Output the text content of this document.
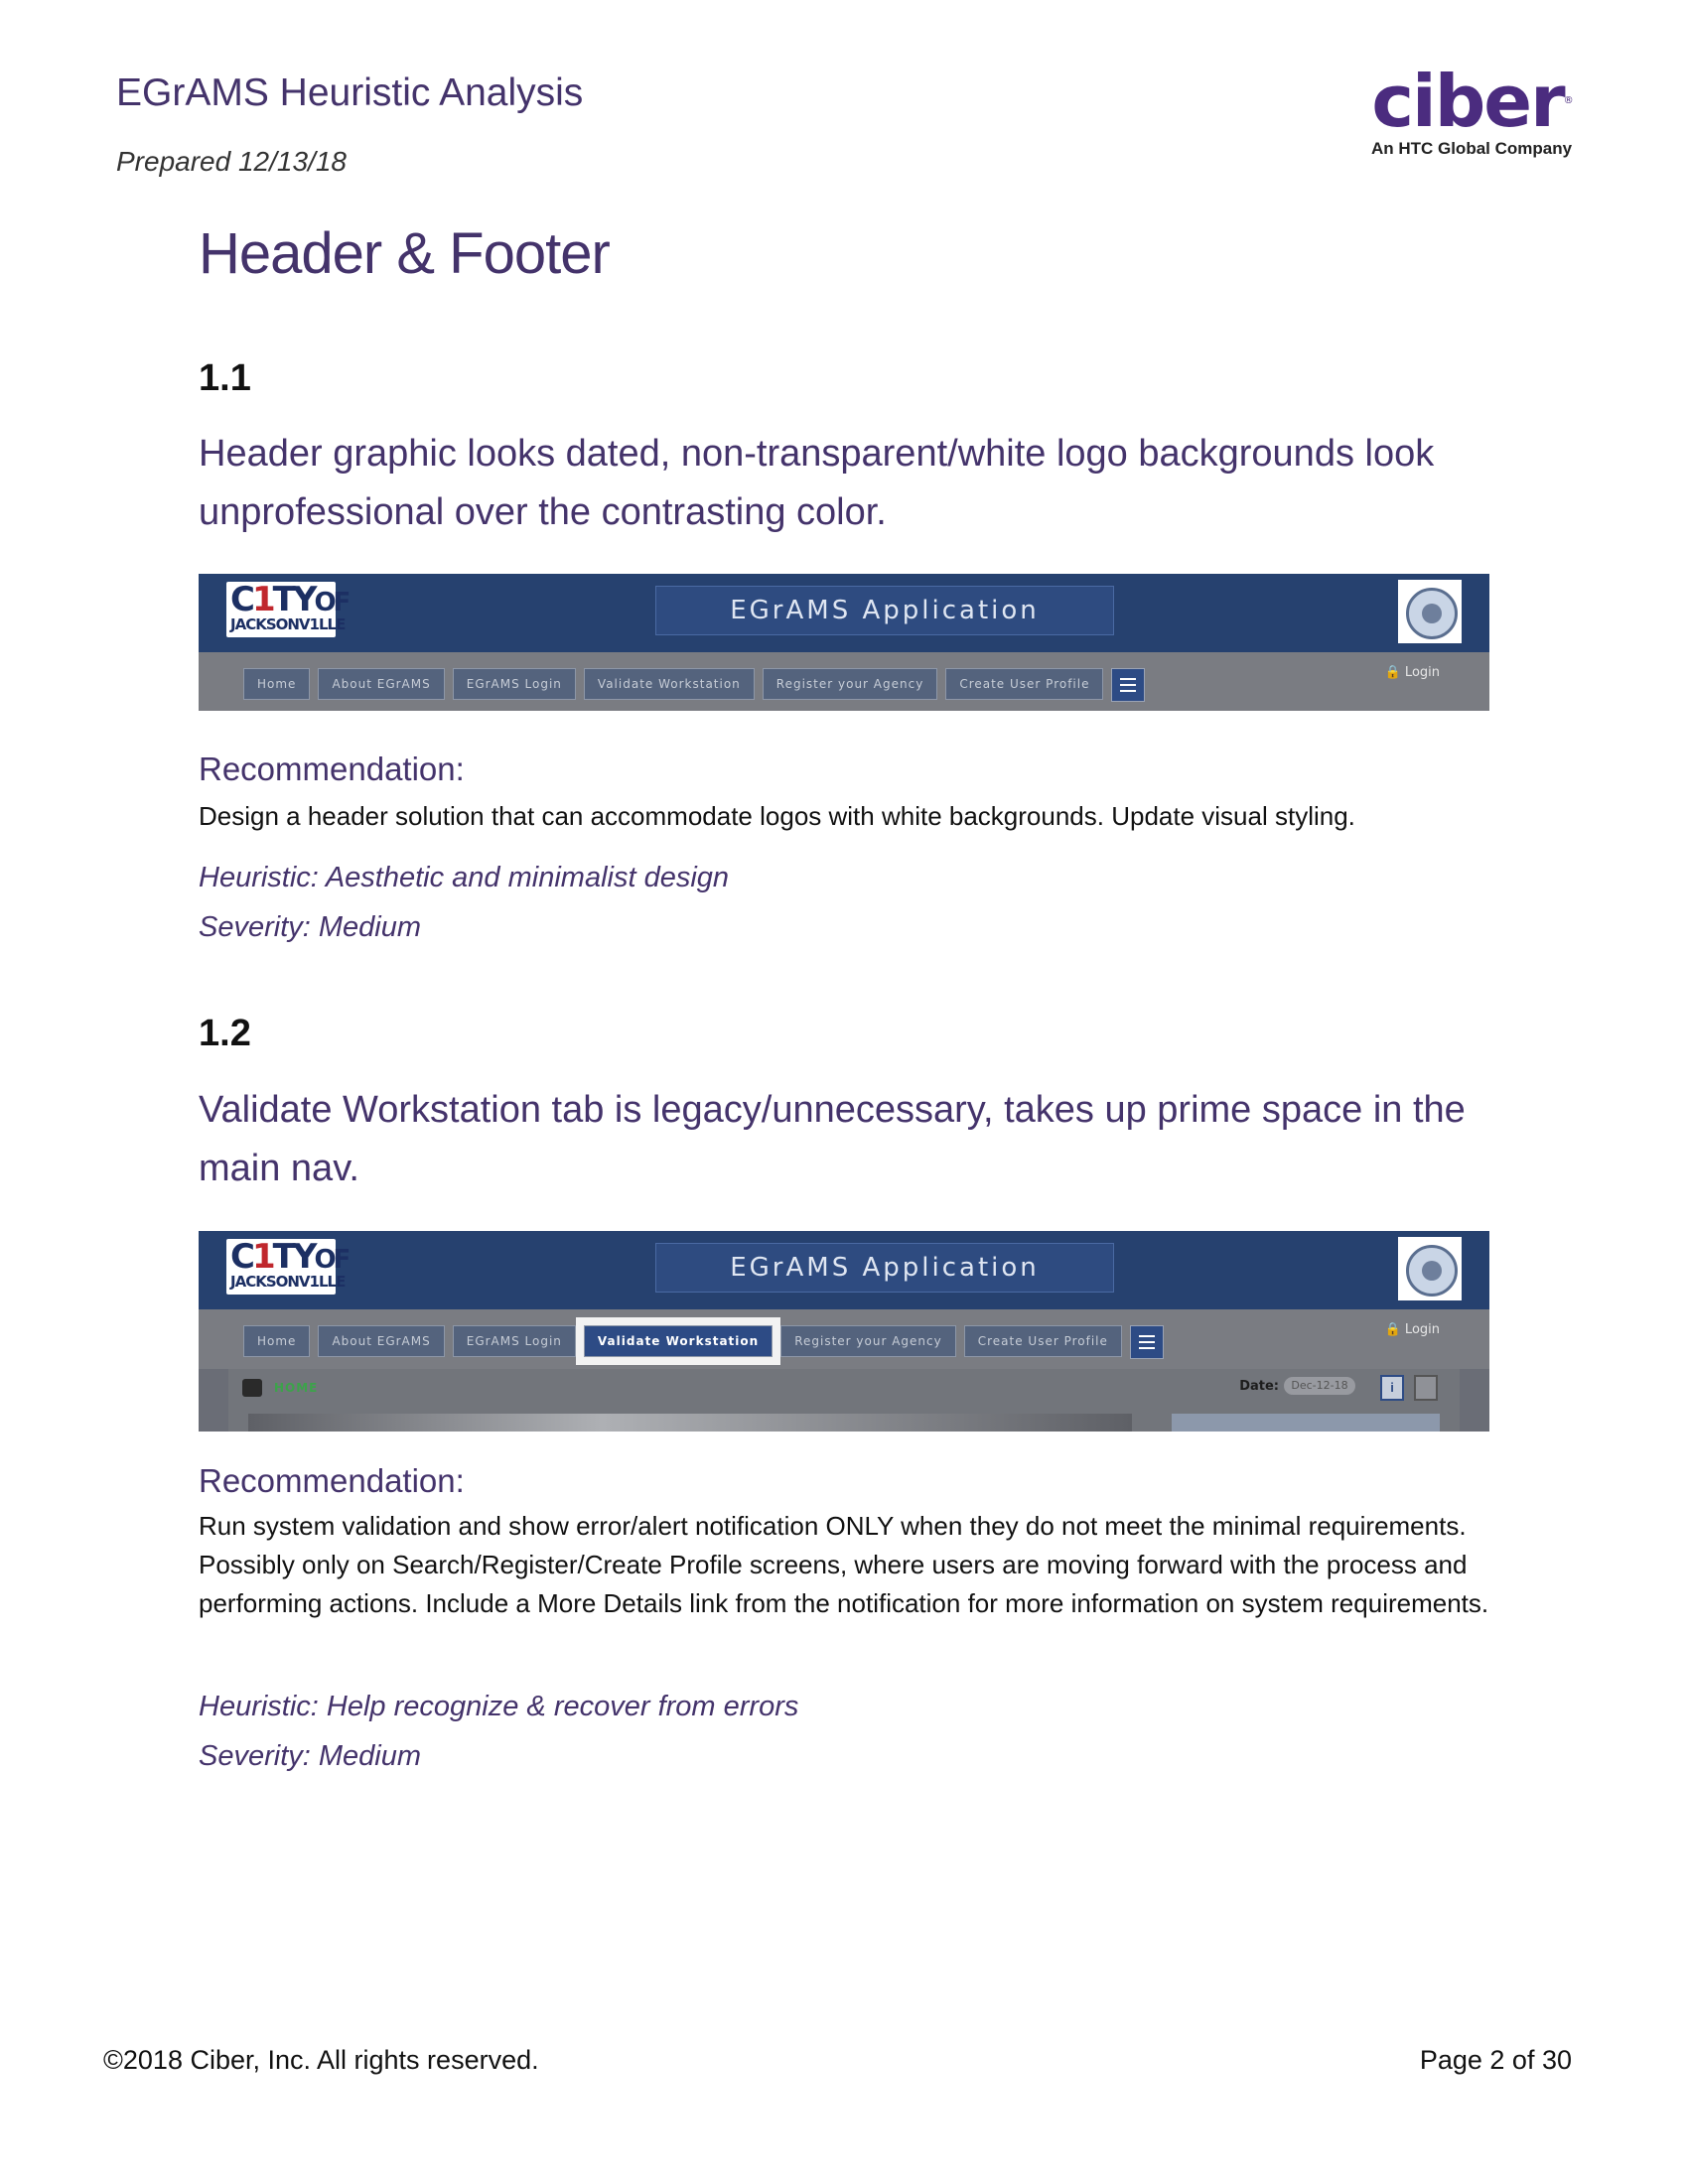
EGrAMS Heuristic Analysis
Prepared 12/13/18
ciber®
An HTC Global Company
Header & Footer
1.1
Header graphic looks dated, non-transparent/white logo backgrounds look unprofessional over the contrasting color.
C1TYOF
JACKSONV1LLE	EGrAMS Application
Home	About EGrAMS	EGrAMS Login	Validate Workstation	Register your Agency	Create User Profile
🔒 Login
Recommendation:
Design a header solution that can accommodate logos with white backgrounds. Update visual styling.
Heuristic: Aesthetic and minimalist design
Severity: Medium
1.2
Validate Workstation tab is legacy/unnecessary, takes up prime space in the main nav.
C1TYOF
JACKSONV1LLE	EGrAMS Application
Home	About EGrAMS	EGrAMS Login	Validate Workstation	Register your Agency	Create User Profile
🔒 Login
HOME	Date:	Dec-12-18	i
Recommendation:
Run system validation and show error/alert notification ONLY when they do not meet the minimal requirements. Possibly only on Search/Register/Create Profile screens, where users are moving forward with the process and performing actions. Include a More Details link from the notification for more information on system requirements.
Heuristic: Help recognize & recover from errors
Severity: Medium
©2018 Ciber, Inc. All rights reserved.	Page 2 of 30
